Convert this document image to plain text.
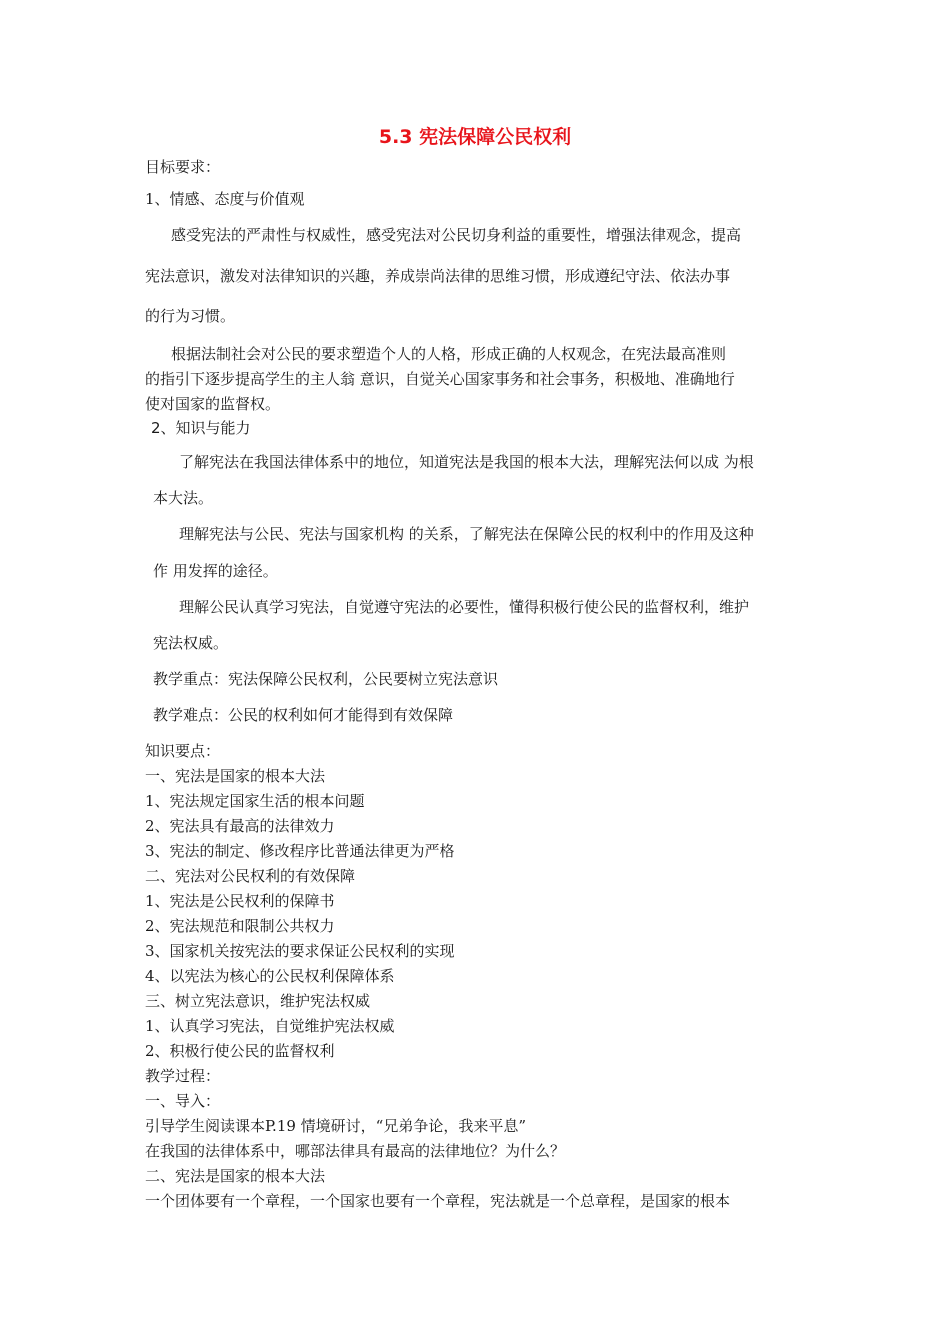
5.3 宪法保障公民权利
目标要求：
1、情感、态度与价值观
感受宪法的严肃性与权威性，感受宪法对公民切身利益的重要性，增强法律观念，提高
宪法意识，激发对法律知识的兴趣，养成崇尚法律的思维习惯，形成遵纪守法、依法办事
的行为习惯。
根据法制社会对公民的要求塑造个人的人格，形成正确的人权观念，在宪法最高准则
的指引下逐步提高学生的主人翁 意识，自觉关心国家事务和社会事务，积极地、准确地行
使对国家的监督权。
2、知识与能力
了解宪法在我国法律体系中的地位，知道宪法是我国的根本大法，理解宪法何以成 为根
本大法。
理解宪法与公民、宪法与国家机构 的关系，了解宪法在保障公民的权利中的作用及这种
作 用发挥的途径。
理解公民认真学习宪法，自觉遵守宪法的必要性，懂得积极行使公民的监督权利，维护
宪法权威。
教学重点：宪法保障公民权利，公民要树立宪法意识
教学难点：公民的权利如何才能得到有效保障
知识要点：
一、宪法是国家的根本大法
1、宪法规定国家生活的根本问题
2、宪法具有最高的法律效力
3、宪法的制定、修改程序比普通法律更为严格
二、宪法对公民权利的有效保障
1、宪法是公民权利的保障书
2、宪法规范和限制公共权力
3、国家机关按宪法的要求保证公民权利的实现
4、以宪法为核心的公民权利保障体系
三、树立宪法意识，维护宪法权威
1、认真学习宪法，自觉维护宪法权威
2、积极行使公民的监督权利
教学过程：
一、导入：
引导学生阅读课本P.19 情境研讨，“兄弟争论，我来平息”
在我国的法律体系中，哪部法律具有最高的法律地位？为什么？
二、宪法是国家的根本大法
一个团体要有一个章程，一个国家也要有一个章程，宪法就是一个总章程，是国家的根本
